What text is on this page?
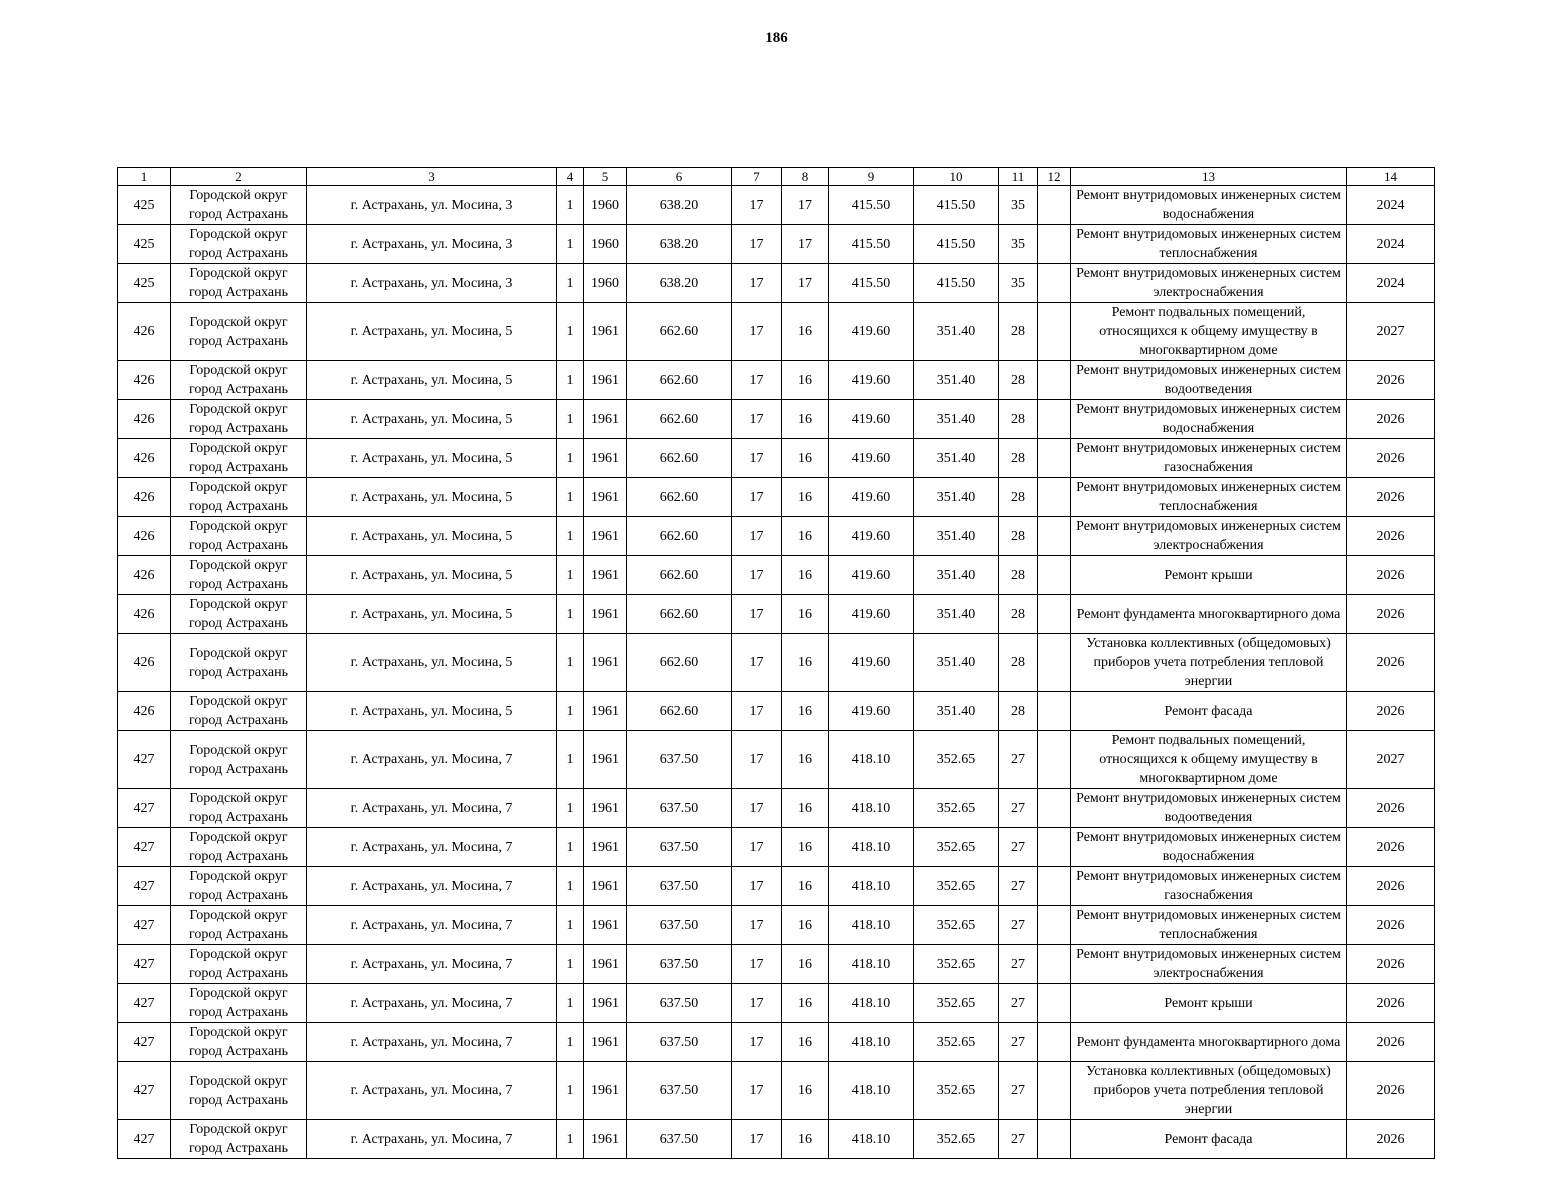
186
1	2	3	4	5	6	7	8	9	10	11	12	13	14
425	Городской округ город Астрахань	г. Астрахань, ул. Мосина, 3	1	1960	638.20	17	17	415.50	415.50	35		Ремонт внутридомовых инженерных систем водоснабжения	2024
425	Городской округ город Астрахань	г. Астрахань, ул. Мосина, 3	1	1960	638.20	17	17	415.50	415.50	35		Ремонт внутридомовых инженерных систем теплоснабжения	2024
425	Городской округ город Астрахань	г. Астрахань, ул. Мосина, 3	1	1960	638.20	17	17	415.50	415.50	35		Ремонт внутридомовых инженерных систем электроснабжения	2024
426	Городской округ город Астрахань	г. Астрахань, ул. Мосина, 5	1	1961	662.60	17	16	419.60	351.40	28		Ремонт подвальных помещений, относящихся к общему имуществу в многоквартирном доме	2027
426	Городской округ город Астрахань	г. Астрахань, ул. Мосина, 5	1	1961	662.60	17	16	419.60	351.40	28		Ремонт внутридомовых инженерных систем водоотведения	2026
426	Городской округ город Астрахань	г. Астрахань, ул. Мосина, 5	1	1961	662.60	17	16	419.60	351.40	28		Ремонт внутридомовых инженерных систем водоснабжения	2026
426	Городской округ город Астрахань	г. Астрахань, ул. Мосина, 5	1	1961	662.60	17	16	419.60	351.40	28		Ремонт внутридомовых инженерных систем газоснабжения	2026
426	Городской округ город Астрахань	г. Астрахань, ул. Мосина, 5	1	1961	662.60	17	16	419.60	351.40	28		Ремонт внутридомовых инженерных систем теплоснабжения	2026
426	Городской округ город Астрахань	г. Астрахань, ул. Мосина, 5	1	1961	662.60	17	16	419.60	351.40	28		Ремонт внутридомовых инженерных систем электроснабжения	2026
426	Городской округ город Астрахань	г. Астрахань, ул. Мосина, 5	1	1961	662.60	17	16	419.60	351.40	28		Ремонт крыши	2026
426	Городской округ город Астрахань	г. Астрахань, ул. Мосина, 5	1	1961	662.60	17	16	419.60	351.40	28		Ремонт фундамента многоквартирного дома	2026
426	Городской округ город Астрахань	г. Астрахань, ул. Мосина, 5	1	1961	662.60	17	16	419.60	351.40	28		Установка коллективных (общедомовых) приборов учета потребления тепловой энергии	2026
426	Городской округ город Астрахань	г. Астрахань, ул. Мосина, 5	1	1961	662.60	17	16	419.60	351.40	28		Ремонт фасада	2026
427	Городской округ город Астрахань	г. Астрахань, ул. Мосина, 7	1	1961	637.50	17	16	418.10	352.65	27		Ремонт подвальных помещений, относящихся к общему имуществу в многоквартирном доме	2027
427	Городской округ город Астрахань	г. Астрахань, ул. Мосина, 7	1	1961	637.50	17	16	418.10	352.65	27		Ремонт внутридомовых инженерных систем водоотведения	2026
427	Городской округ город Астрахань	г. Астрахань, ул. Мосина, 7	1	1961	637.50	17	16	418.10	352.65	27		Ремонт внутридомовых инженерных систем водоснабжения	2026
427	Городской округ город Астрахань	г. Астрахань, ул. Мосина, 7	1	1961	637.50	17	16	418.10	352.65	27		Ремонт внутридомовых инженерных систем газоснабжения	2026
427	Городской округ город Астрахань	г. Астрахань, ул. Мосина, 7	1	1961	637.50	17	16	418.10	352.65	27		Ремонт внутридомовых инженерных систем теплоснабжения	2026
427	Городской округ город Астрахань	г. Астрахань, ул. Мосина, 7	1	1961	637.50	17	16	418.10	352.65	27		Ремонт внутридомовых инженерных систем электроснабжения	2026
427	Городской округ город Астрахань	г. Астрахань, ул. Мосина, 7	1	1961	637.50	17	16	418.10	352.65	27		Ремонт крыши	2026
427	Городской округ город Астрахань	г. Астрахань, ул. Мосина, 7	1	1961	637.50	17	16	418.10	352.65	27		Ремонт фундамента многоквартирного дома	2026
427	Городской округ город Астрахань	г. Астрахань, ул. Мосина, 7	1	1961	637.50	17	16	418.10	352.65	27		Установка коллективных (общедомовых) приборов учета потребления тепловой энергии	2026
427	Городской округ город Астрахань	г. Астрахань, ул. Мосина, 7	1	1961	637.50	17	16	418.10	352.65	27		Ремонт фасада	2026
